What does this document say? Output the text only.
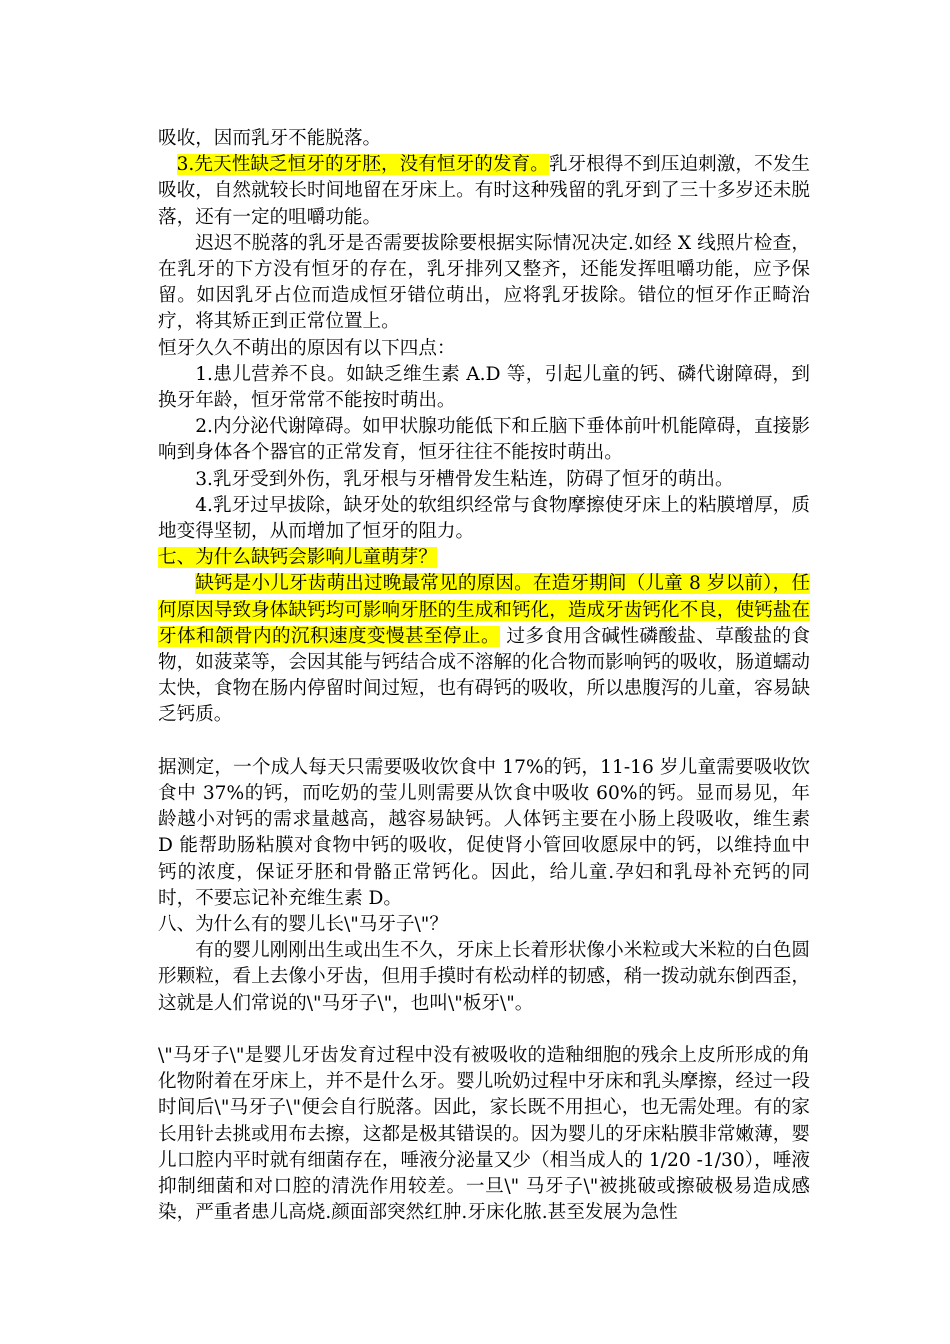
吸收，因而乳牙不能脱落。

3.先天性缺乏恒牙的牙胚，没有恒牙的发育。乳牙根得不到压迫刺激，不发生吸收，自然就较长时间地留在牙床上。有时这种残留的乳牙到了三十多岁还未脱落，还有一定的咀嚼功能。

迟迟不脱落的乳牙是否需要拔除要根据实际情况决定.如经 X 线照片检查，在乳牙的下方没有恒牙的存在，乳牙排列又整齐，还能发挥咀嚼功能，应予保留。如因乳牙占位而造成恒牙错位萌出，应将乳牙拔除。错位的恒牙作正畸治疗，将其矫正到正常位置上。

恒牙久久不萌出的原因有以下四点：

1.患儿营养不良。如缺乏维生素 A.D 等，引起儿童的钙、磷代谢障碍，到换牙年龄，恒牙常常不能按时萌出。

2.内分泌代谢障碍。如甲状腺功能低下和丘脑下垂体前叶机能障碍，直接影响到身体各个器官的正常发育，恒牙往往不能按时萌出。

3.乳牙受到外伤，乳牙根与牙槽骨发生粘连，防碍了恒牙的萌出。

4.乳牙过早拔除，缺牙处的软组织经常与食物摩擦使牙床上的粘膜增厚，质地变得坚韧，从而增加了恒牙的阻力。

七、为什么缺钙会影响儿童萌芽？

缺钙是小儿牙齿萌出过晚最常见的原因。在造牙期间（儿童 8 岁以前），任何原因导致身体缺钙均可影响牙胚的生成和钙化，造成牙齿钙化不良，使钙盐在牙体和颌骨内的沉积速度变慢甚至停止。 过多食用含碱性磷酸盐、草酸盐的食物，如菠菜等，会因其能与钙结合成不溶解的化合物而影响钙的吸收，肠道蠕动太快，食物在肠内停留时间过短，也有碍钙的吸收，所以患腹泻的儿童，容易缺乏钙质。

据测定，一个成人每天只需要吸收饮食中 17%的钙，11-16 岁儿童需要吸收饮食中 37%的钙，而吃奶的莹儿则需要从饮食中吸收 60%的钙。显而易见，年龄越小对钙的需求量越高，越容易缺钙。人体钙主要在小肠上段吸收，维生素 D 能帮助肠粘膜对食物中钙的吸收，促使肾小管回收愿尿中的钙，以维持血中钙的浓度，保证牙胚和骨骼正常钙化。因此，给儿童.孕妇和乳母补充钙的同时，不要忘记补充维生素 D。

八、为什么有的婴儿长\"马牙子\"？

有的婴儿刚刚出生或出生不久，牙床上长着形状像小米粒或大米粒的白色圆形颗粒，看上去像小牙齿，但用手摸时有松动样的韧感，稍一拨动就东倒西歪，这就是人们常说的\"马牙子\"，也叫\"板牙\"。

\"马牙子\"是婴儿牙齿发育过程中没有被吸收的造釉细胞的残余上皮所形成的角化物附着在牙床上，并不是什么牙。婴儿吮奶过程中牙床和乳头摩擦，经过一段时间后\"马牙子\"便会自行脱落。因此，家长既不用担心，也无需处理。有的家长用针去挑或用布去擦，这都是极其错误的。因为婴儿的牙床粘膜非常嫩薄，婴儿口腔内平时就有细菌存在，唾液分泌量又少（相当成人的 1/20 -1/30），唾液抑制细菌和对口腔的清洗作用较差。一旦\" 马牙子\"被挑破或擦破极易造成感染，严重者患儿高烧.颜面部突然红肿.牙床化脓.甚至发展为急性
